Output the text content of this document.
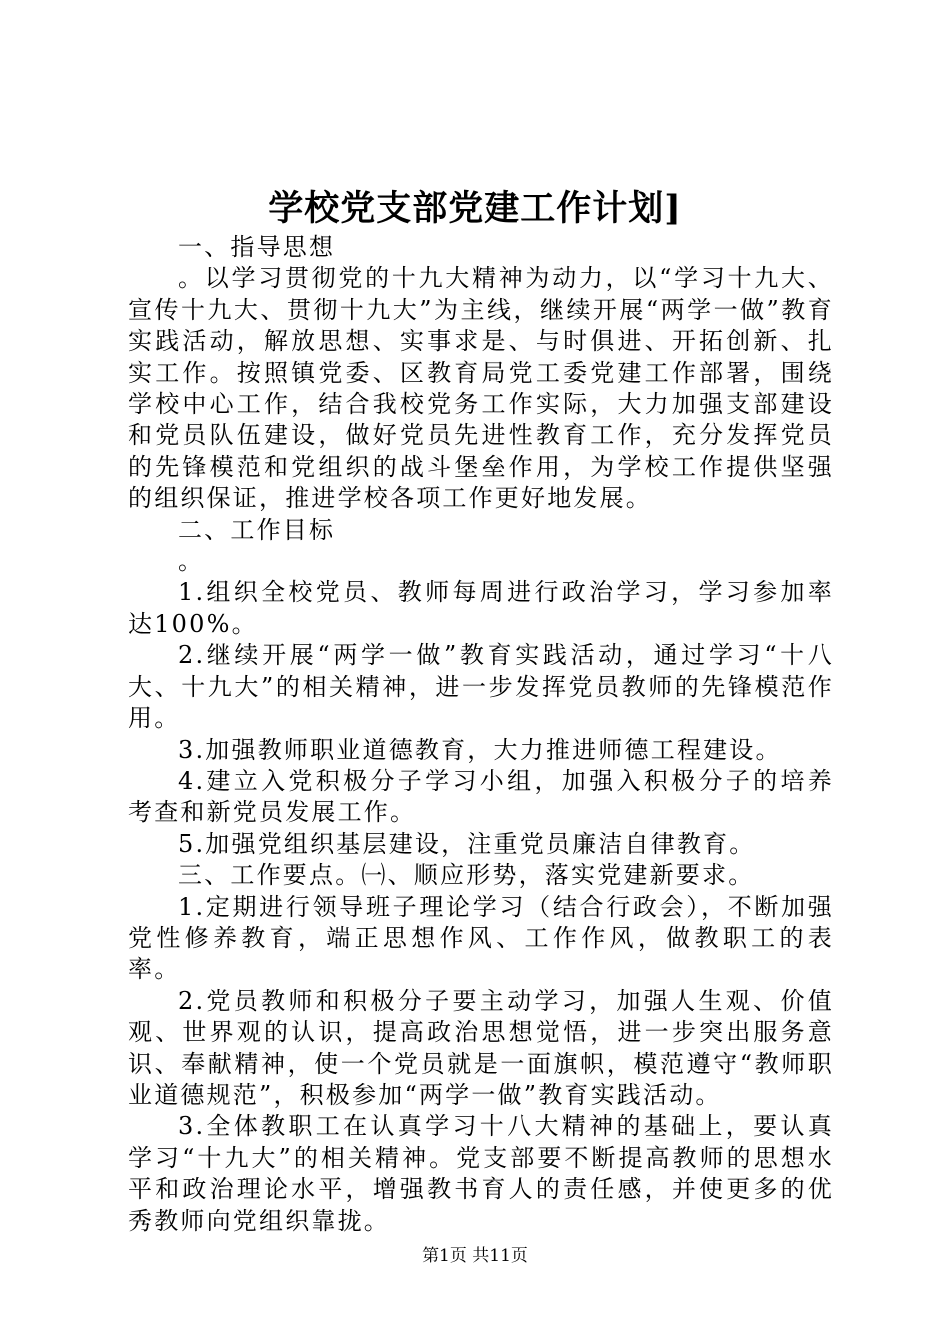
学校党支部党建工作计划]

一、指导思想

。以学习贯彻党的十九大精神为动力，以“学习十九大、宣传十九大、贯彻十九大”为主线，继续开展“两学一做”教育实践活动，解放思想、实事求是、与时俱进、开拓创新、扎实工作。按照镇党委、区教育局党工委党建工作部署，围绕学校中心工作，结合我校党务工作实际，大力加强支部建设和党员队伍建设，做好党员先进性教育工作，充分发挥党员的先锋模范和党组织的战斗堡垒作用，为学校工作提供坚强的组织保证，推进学校各项工作更好地发展。

二、工作目标

。

1.组织全校党员、教师每周进行政治学习，学习参加率达100%。

2.继续开展“两学一做”教育实践活动，通过学习“十八大、十九大”的相关精神，进一步发挥党员教师的先锋模范作用。

3.加强教师职业道德教育，大力推进师德工程建设。

4.建立入党积极分子学习小组，加强入积极分子的培养考查和新党员发展工作。

5.加强党组织基层建设，注重党员廉洁自律教育。

三、工作要点。㈠、顺应形势，落实党建新要求。

1.定期进行领导班子理论学习（结合行政会），不断加强党性修养教育，端正思想作风、工作作风，做教职工的表率。

2.党员教师和积极分子要主动学习，加强人生观、价值观、世界观的认识，提高政治思想觉悟，进一步突出服务意识、奉献精神，使一个党员就是一面旗帜，模范遵守“教师职业道德规范”，积极参加“两学一做”教育实践活动。

3.全体教职工在认真学习十八大精神的基础上，要认真学习“十九大”的相关精神。党支部要不断提高教师的思想水平和政治理论水平，增强教书育人的责任感，并使更多的优秀教师向党组织靠拢。

第1页 共11页
